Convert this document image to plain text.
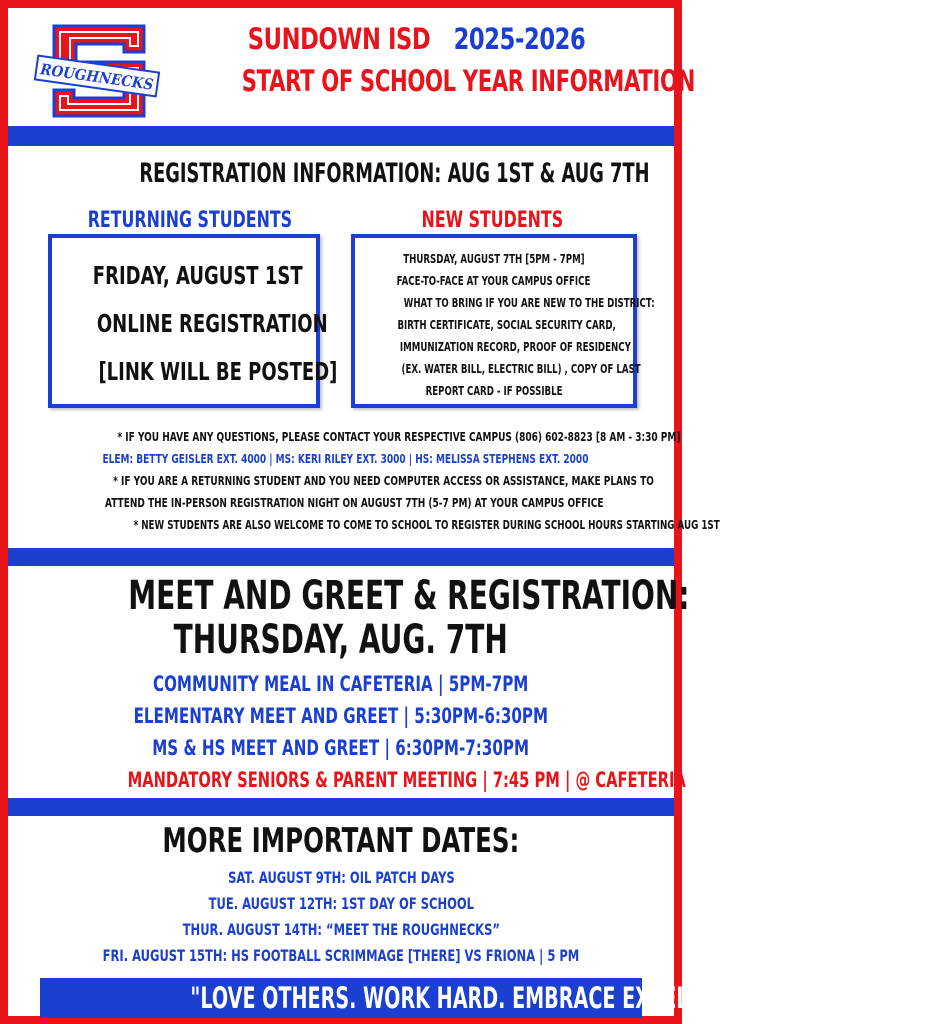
ROUGHNECKS
SUNDOWN ISD 2025-2026
START OF SCHOOL YEAR INFORMATION
REGISTRATION INFORMATION: AUG 1ST & AUG 7TH
RETURNING STUDENTS	NEW STUDENTS
FRIDAY, AUGUST 1ST
ONLINE REGISTRATION
[LINK WILL BE POSTED]
THURSDAY, AUGUST 7TH [5PM - 7PM]
FACE-TO-FACE AT YOUR CAMPUS OFFICE
WHAT TO BRING IF YOU ARE NEW TO THE DISTRICT:
BIRTH CERTIFICATE, SOCIAL SECURITY CARD,
IMMUNIZATION RECORD, PROOF OF RESIDENCY
(EX. WATER BILL, ELECTRIC BILL) , COPY OF LAST
REPORT CARD - IF POSSIBLE
* IF YOU HAVE ANY QUESTIONS, PLEASE CONTACT YOUR RESPECTIVE CAMPUS (806) 602-8823 [8 AM - 3:30 PM]
ELEM: BETTY GEISLER EXT. 4000 | MS: KERI RILEY EXT. 3000 | HS: MELISSA STEPHENS EXT. 2000
* IF YOU ARE A RETURNING STUDENT AND YOU NEED COMPUTER ACCESS OR ASSISTANCE, MAKE PLANS TO
ATTEND THE IN-PERSON REGISTRATION NIGHT ON AUGUST 7TH (5-7 PM) AT YOUR CAMPUS OFFICE
* NEW STUDENTS ARE ALSO WELCOME TO COME TO SCHOOL TO REGISTER DURING SCHOOL HOURS STARTING AUG 1ST
MEET AND GREET & REGISTRATION:
THURSDAY, AUG. 7TH
COMMUNITY MEAL IN CAFETERIA | 5PM-7PM
ELEMENTARY MEET AND GREET | 5:30PM-6:30PM
MS & HS MEET AND GREET | 6:30PM-7:30PM
MANDATORY SENIORS & PARENT MEETING | 7:45 PM | @ CAFETERIA
MORE IMPORTANT DATES:
SAT. AUGUST 9TH: OIL PATCH DAYS
TUE. AUGUST 12TH: 1ST DAY OF SCHOOL
THUR. AUGUST 14TH: “MEET THE ROUGHNECKS”
FRI. AUGUST 15TH: HS FOOTBALL SCRIMMAGE [THERE] VS FRIONA | 5 PM
"LOVE OTHERS. WORK HARD. EMBRACE EXCELLENCE."
